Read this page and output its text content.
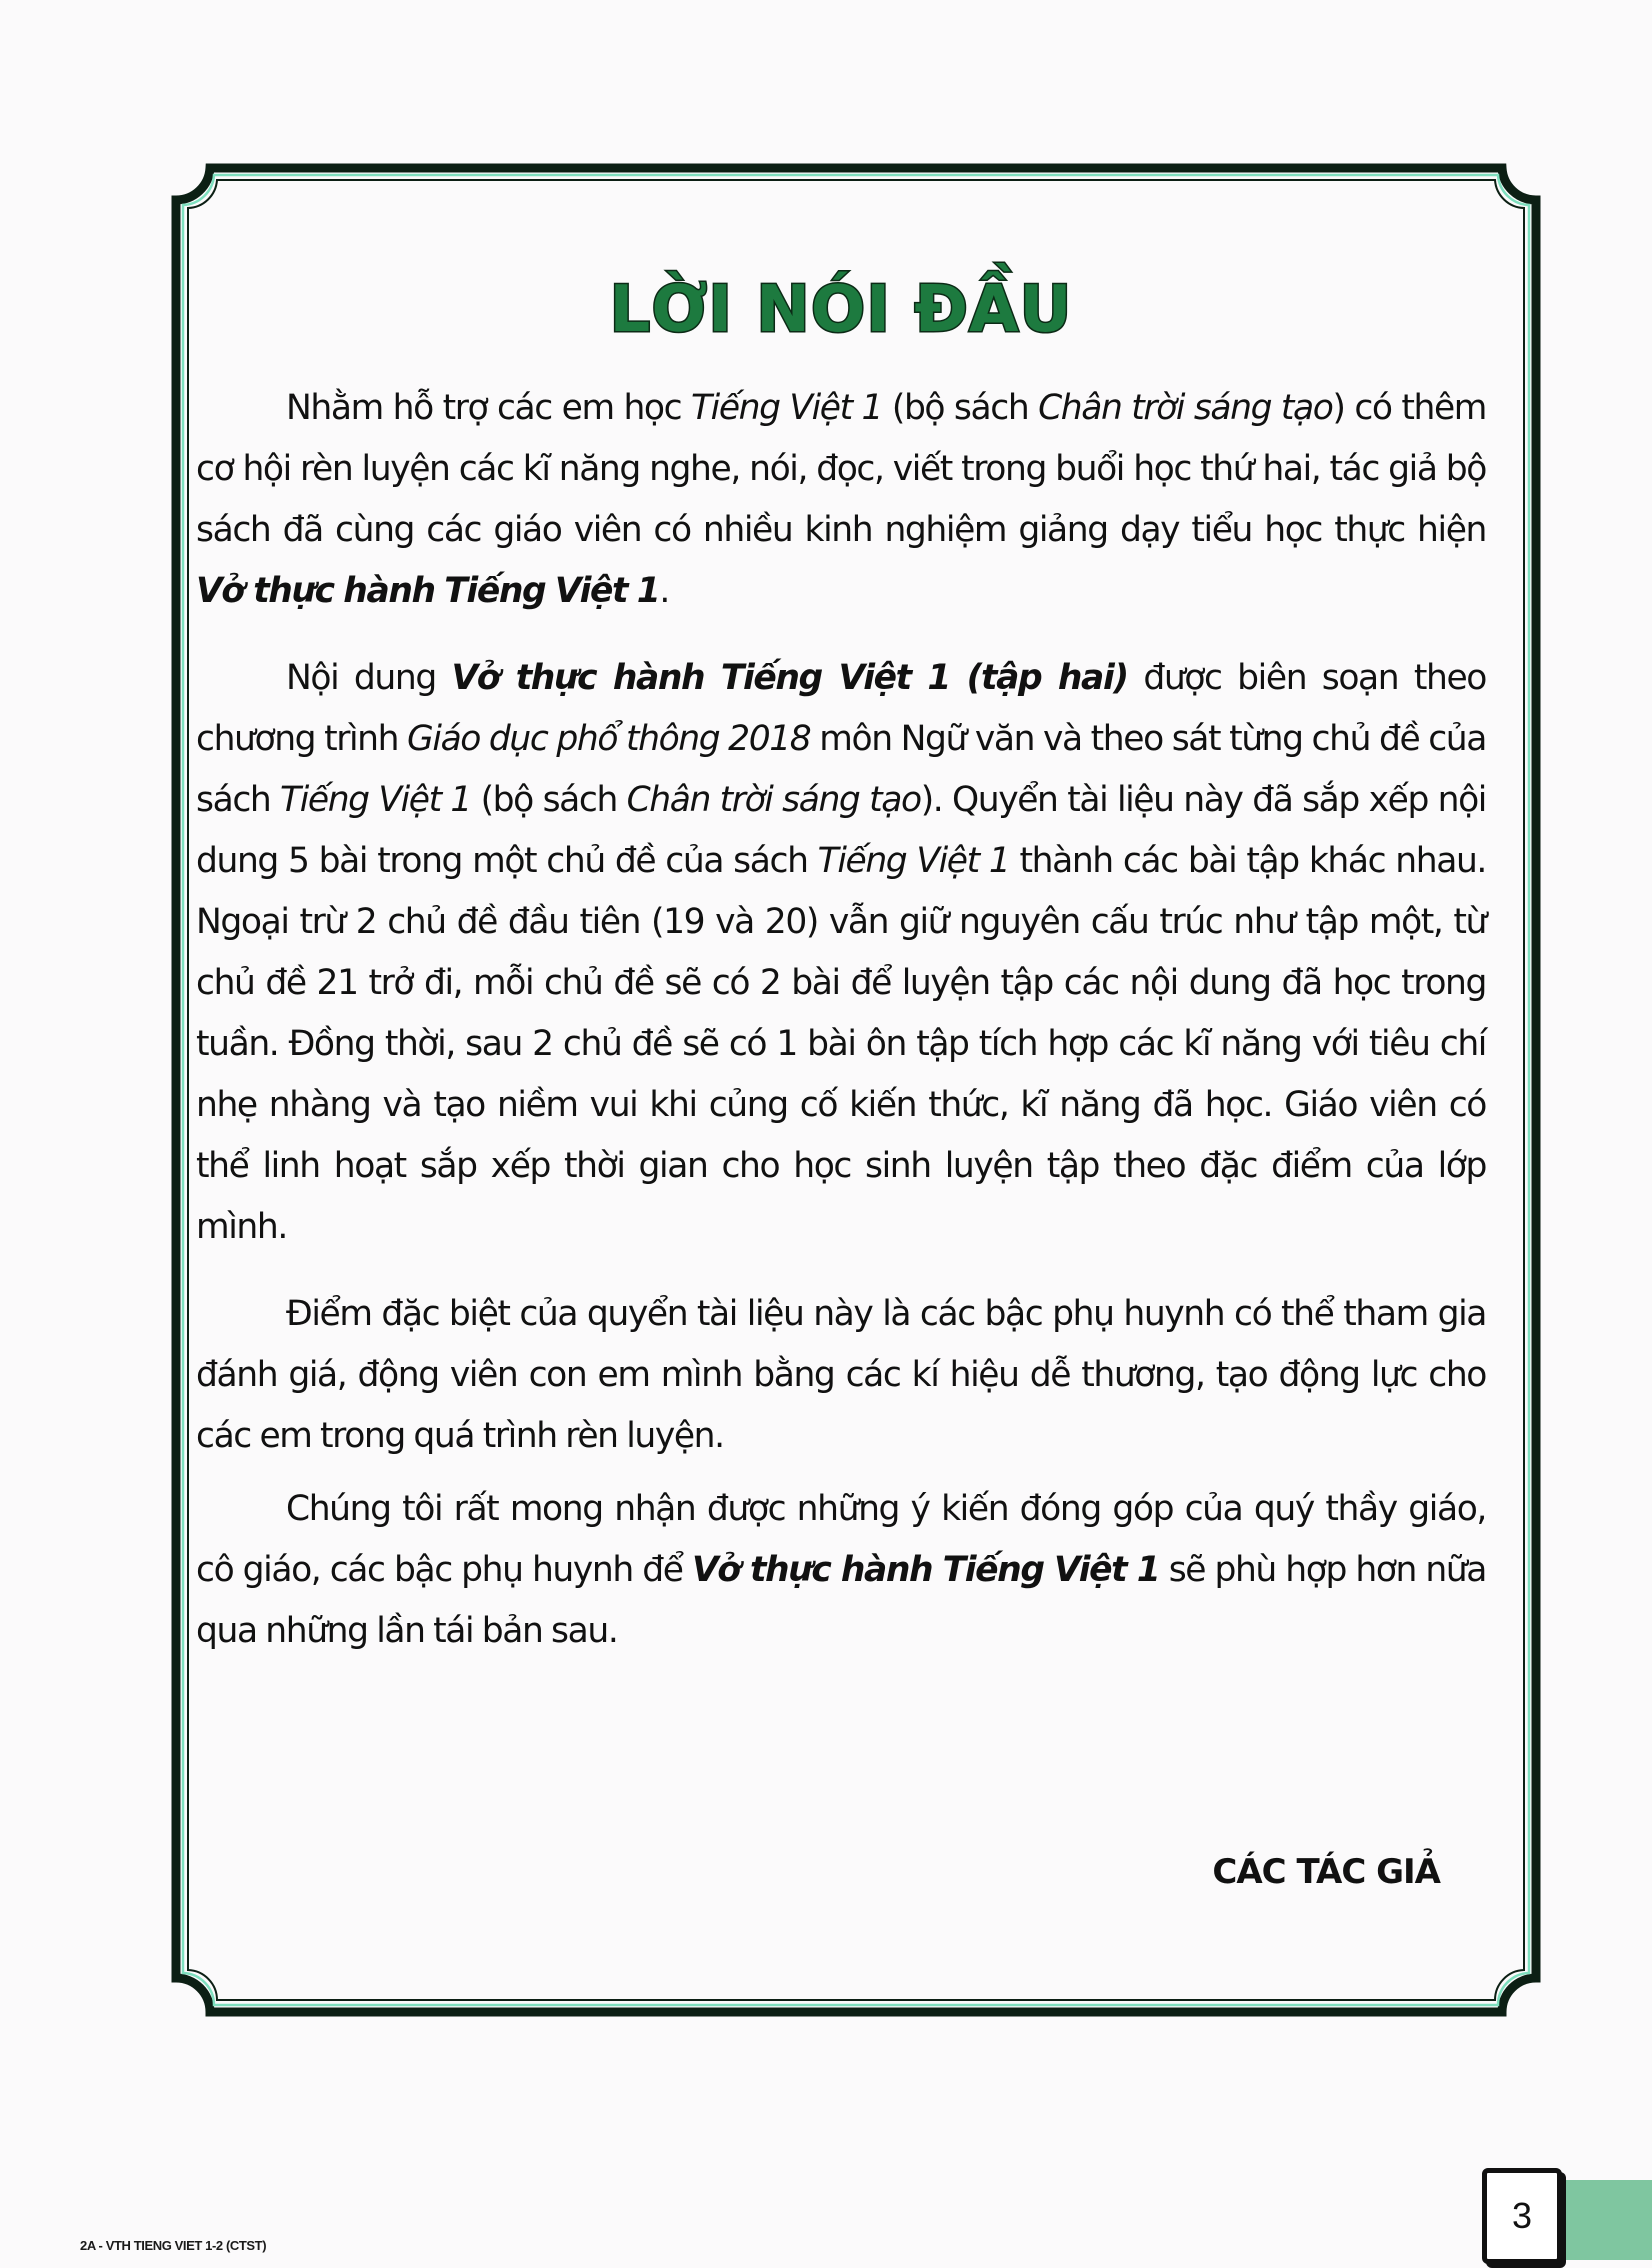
LỜI NÓI ĐẦU

Nhằm hỗ trợ các em học Tiếng Việt 1 (bộ sách Chân trời sáng tạo) có thêm cơ hội rèn luyện các kĩ năng nghe, nói, đọc, viết trong buổi học thứ hai, tác giả bộ sách đã cùng các giáo viên có nhiều kinh nghiệm giảng dạy tiểu học thực hiện Vở thực hành Tiếng Việt 1.

Nội dung Vở thực hành Tiếng Việt 1 (tập hai) được biên soạn theo chương trình Giáo dục phổ thông 2018 môn Ngữ văn và theo sát từng chủ đề của sách Tiếng Việt 1 (bộ sách Chân trời sáng tạo). Quyển tài liệu này đã sắp xếp nội dung 5 bài trong một chủ đề của sách Tiếng Việt 1 thành các bài tập khác nhau. Ngoại trừ 2 chủ đề đầu tiên (19 và 20) vẫn giữ nguyên cấu trúc như tập một, từ chủ đề 21 trở đi, mỗi chủ đề sẽ có 2 bài để luyện tập các nội dung đã học trong tuần. Đồng thời, sau 2 chủ đề sẽ có 1 bài ôn tập tích hợp các kĩ năng với tiêu chí nhẹ nhàng và tạo niềm vui khi củng cố kiến thức, kĩ năng đã học. Giáo viên có thể linh hoạt sắp xếp thời gian cho học sinh luyện tập theo đặc điểm của lớp mình.

Điểm đặc biệt của quyển tài liệu này là các bậc phụ huynh có thể tham gia đánh giá, động viên con em mình bằng các kí hiệu dễ thương, tạo động lực cho các em trong quá trình rèn luyện.

Chúng tôi rất mong nhận được những ý kiến đóng góp của quý thầy giáo, cô giáo, các bậc phụ huynh để Vở thực hành Tiếng Việt 1 sẽ phù hợp hơn nữa qua những lần tái bản sau.

CÁC TÁC GIẢ
2A - VTH TIENG VIET 1-2 (CTST)
3
